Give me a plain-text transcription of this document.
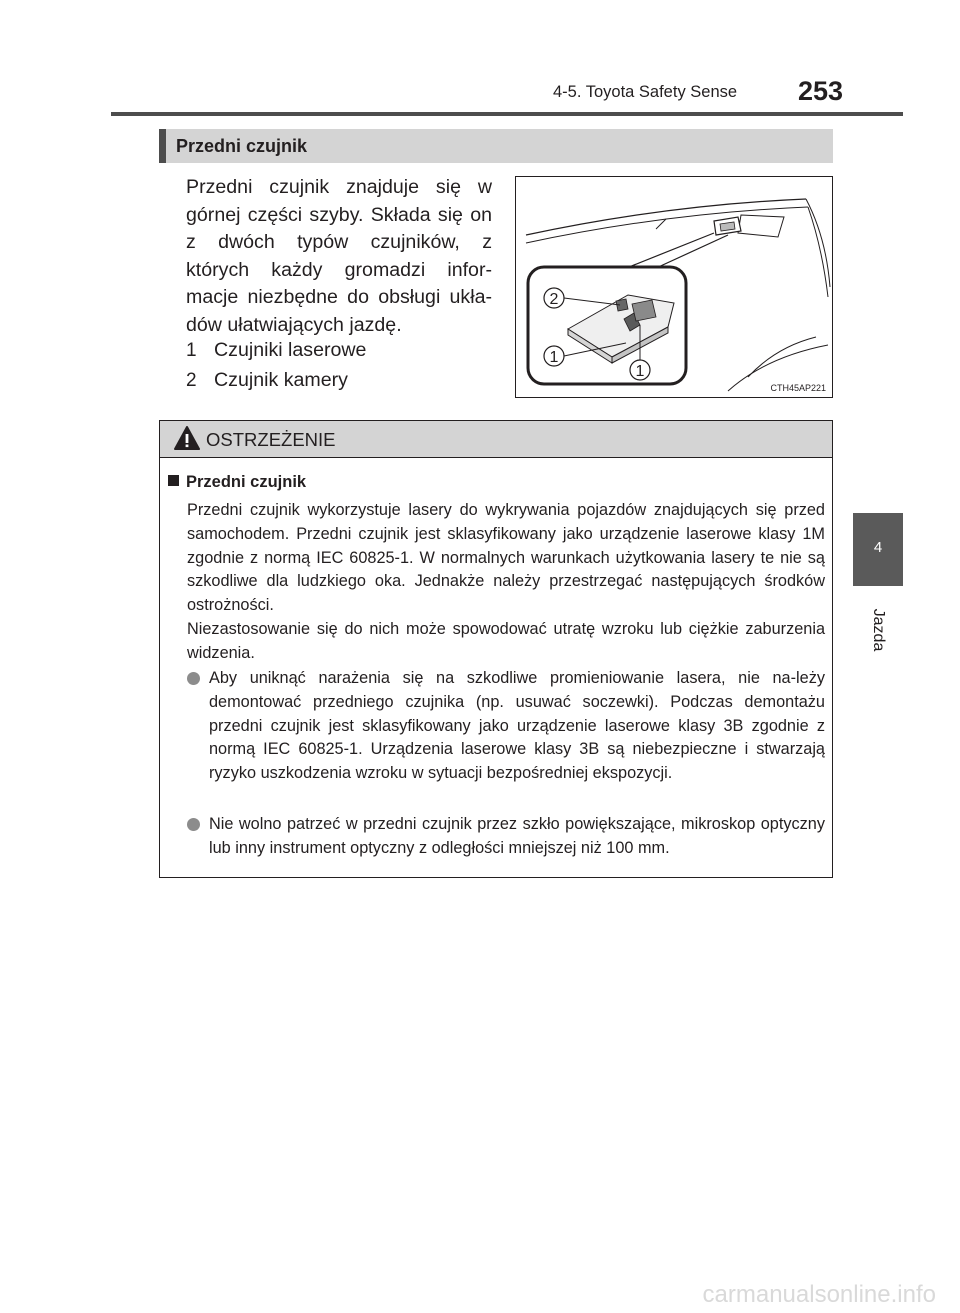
4-5. Toyota Safety Sense 253
4
Jazda
Przedni czujnik
Przedni czujnik znajduje się w górnej części szyby. Składa się on z dwóch typów czujników, z których każdy gromadzi infor-macje niezbędne do obsługi ukła-dów ułatwiających jazdę.
1 Czujniki laserowe
2 Czujnik kamery
2
1
1
CTH45AP221
OSTRZEŻENIE
Przedni czujnik
Przedni czujnik wykorzystuje lasery do wykrywania pojazdów znajdujących się przed samochodem. Przedni czujnik jest sklasyfikowany jako urządzenie laserowe klasy 1M zgodnie z normą IEC 60825-1. W normalnych warunkach użytkowania lasery te nie są szkodliwe dla ludzkiego oka. Jednakże należy przestrzegać następujących środków ostrożności.
Niezastosowanie się do nich może spowodować utratę wzroku lub ciężkie zaburzenia widzenia.
Aby uniknąć narażenia się na szkodliwe promieniowanie lasera, nie na-leży demontować przedniego czujnika (np. usuwać soczewki). Podczas demontażu przedni czujnik jest sklasyfikowany jako urządzenie laserowe klasy 3B zgodnie z normą IEC 60825-1. Urządzenia laserowe klasy 3B są niebezpieczne i stwarzają ryzyko uszkodzenia wzroku w sytuacji bezpośredniej ekspozycji.
Nie wolno patrzeć w przedni czujnik przez szkło powiększające, mikroskop optyczny lub inny instrument optyczny z odległości mniejszej niż 100 mm.
carmanualsonline.info
